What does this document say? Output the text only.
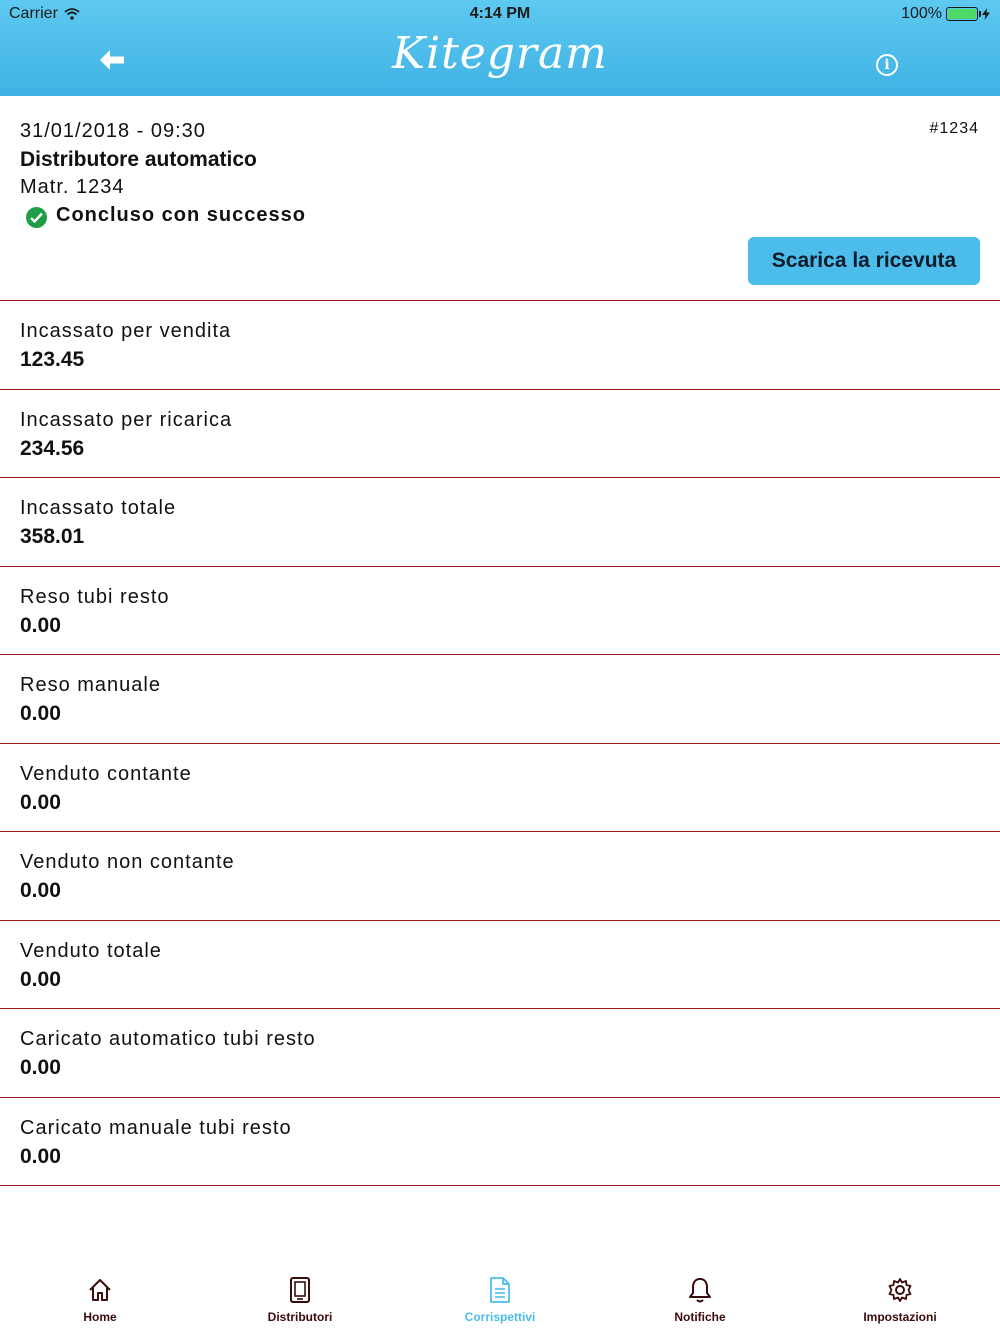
Carrier	4:14 PM	100%
Kitegram	i
31/01/2018 - 09:30	#1234
Distributore automatico
Matr. 1234
Concluso con successo
Scarica la ricevuta
Incassato per vendita
123.45
Incassato per ricarica
234.56
Incassato totale
358.01
Reso tubi resto
0.00
Reso manuale
0.00
Venduto contante
0.00
Venduto non contante
0.00
Venduto totale
0.00
Caricato automatico tubi resto
0.00
Caricato manuale tubi resto
0.00
Home	Distributori	Corrispettivi	Notifiche	Impostazioni
